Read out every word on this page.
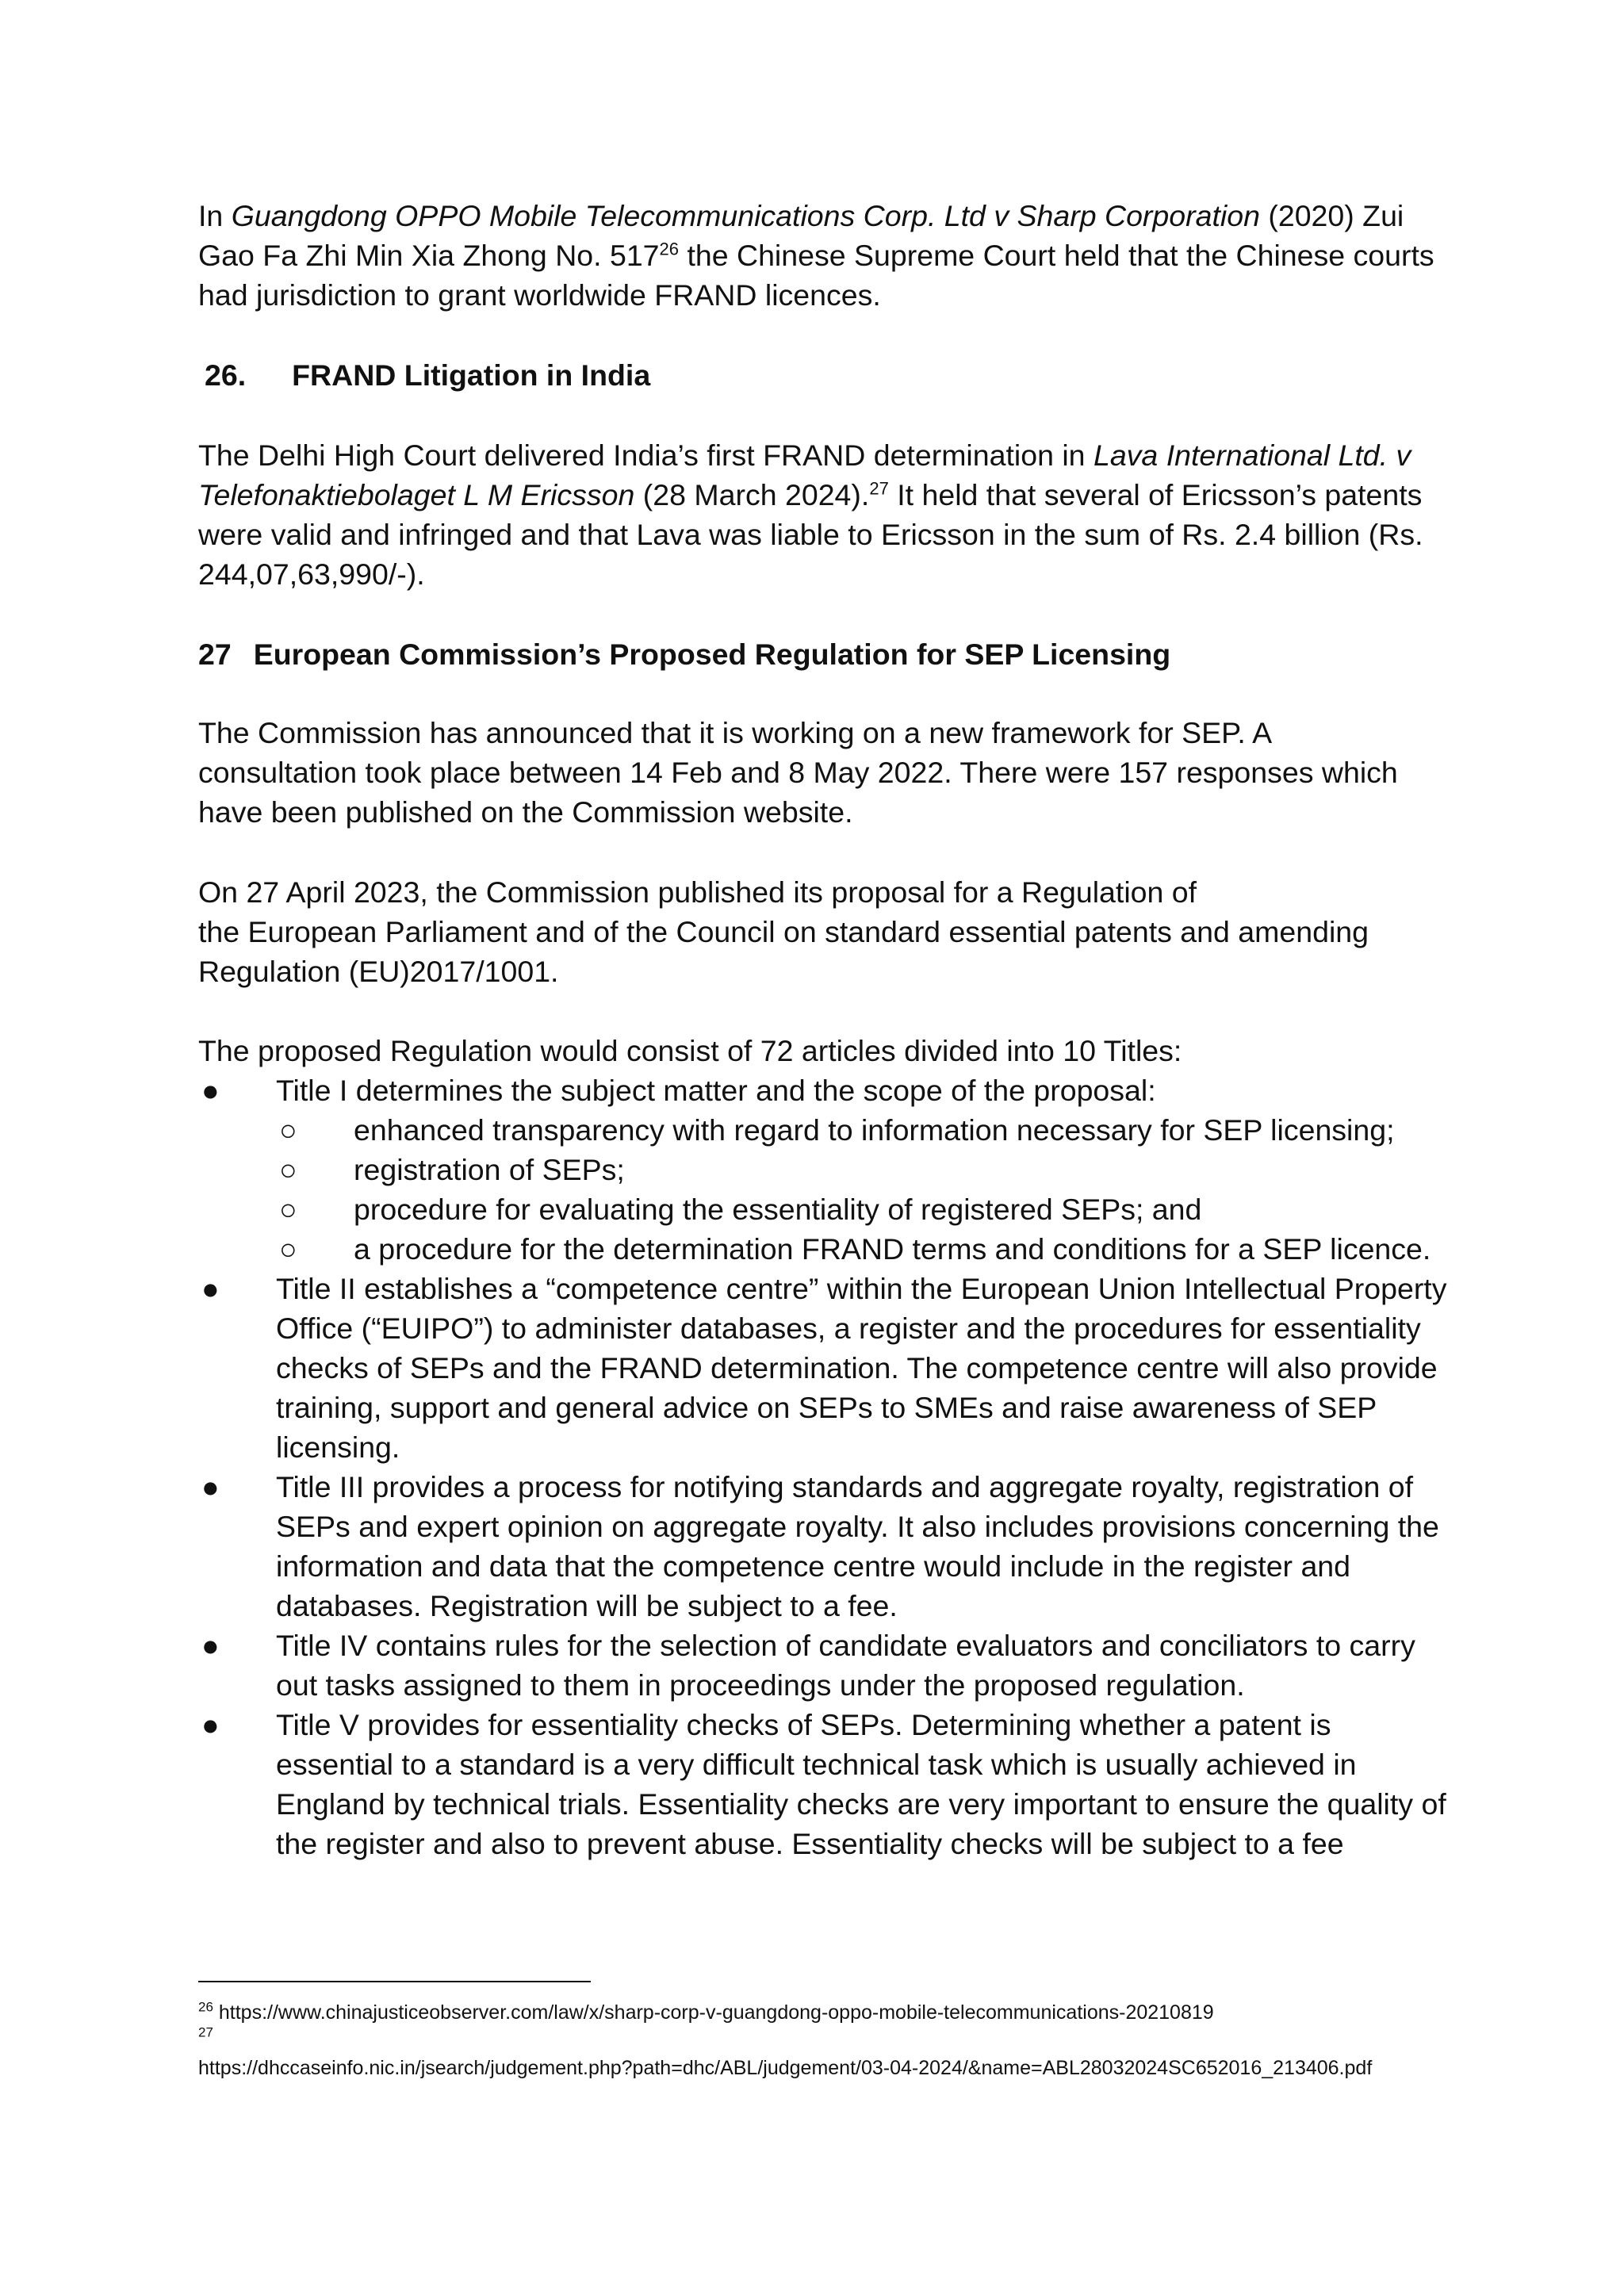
In Guangdong OPPO Mobile Telecommunications Corp. Ltd v Sharp Corporation (2020) Zui Gao Fa Zhi Min Xia Zhong No. $517^{26}$ the Chinese Supreme Court held that the Chinese courts had jurisdiction to grant worldwide FRAND licences.

26. FRAND Litigation in India

The Delhi High Court delivered India’s first FRAND determination in Lava International Ltd. v Telefonaktiebolaget L M Ericsson (28 March 2024).$^{27}$ It held that several of Ericsson’s patents were valid and infringed and that Lava was liable to Ericsson in the sum of Rs. 2.4 billion (Rs. 244,07,63,990/-).

27 European Commission’s Proposed Regulation for SEP Licensing

The Commission has announced that it is working on a new framework for SEP. A consultation took place between 14 Feb and 8 May 2022. There were 157 responses which have been published on the Commission website.

On 27 April 2023, the Commission published its proposal for a Regulation of
the European Parliament and of the Council on standard essential patents and amending Regulation (EU)2017/1001.

The proposed Regulation would consist of 72 articles divided into 10 Titles:

● Title I determines the subject matter and the scope of the proposal:
○ enhanced transparency with regard to information necessary for SEP licensing;
○ registration of SEPs;
○ procedure for evaluating the essentiality of registered SEPs; and
○ a procedure for the determination FRAND terms and conditions for a SEP licence.
● Title II establishes a “competence centre” within the European Union Intellectual Property Office (“EUIPO”) to administer databases, a register and the procedures for essentiality checks of SEPs and the FRAND determination. The competence centre will also provide training, support and general advice on SEPs to SMEs and raise awareness of SEP licensing.
● Title III provides a process for notifying standards and aggregate royalty, registration of SEPs and expert opinion on aggregate royalty. It also includes provisions concerning the information and data that the competence centre would include in the register and databases. Registration will be subject to a fee.
● Title IV contains rules for the selection of candidate evaluators and conciliators to carry out tasks assigned to them in proceedings under the proposed regulation.
● Title V provides for essentiality checks of SEPs. Determining whether a patent is essential to a standard is a very difficult technical task which is usually achieved in England by technical trials. Essentiality checks are very important to ensure the quality of the register and also to prevent abuse. Essentiality checks will be subject to a fee
$^{26}$ https://www.chinajusticeobserver.com/law/x/sharp-corp-v-guangdong-oppo-mobile-telecommunications-20210819
$^{27}$
https://dhccaseinfo.nic.in/jsearch/judgement.php?path=dhc/ABL/judgement/03-04-2024/&name=ABL28032024SC652016_213406.pdf
